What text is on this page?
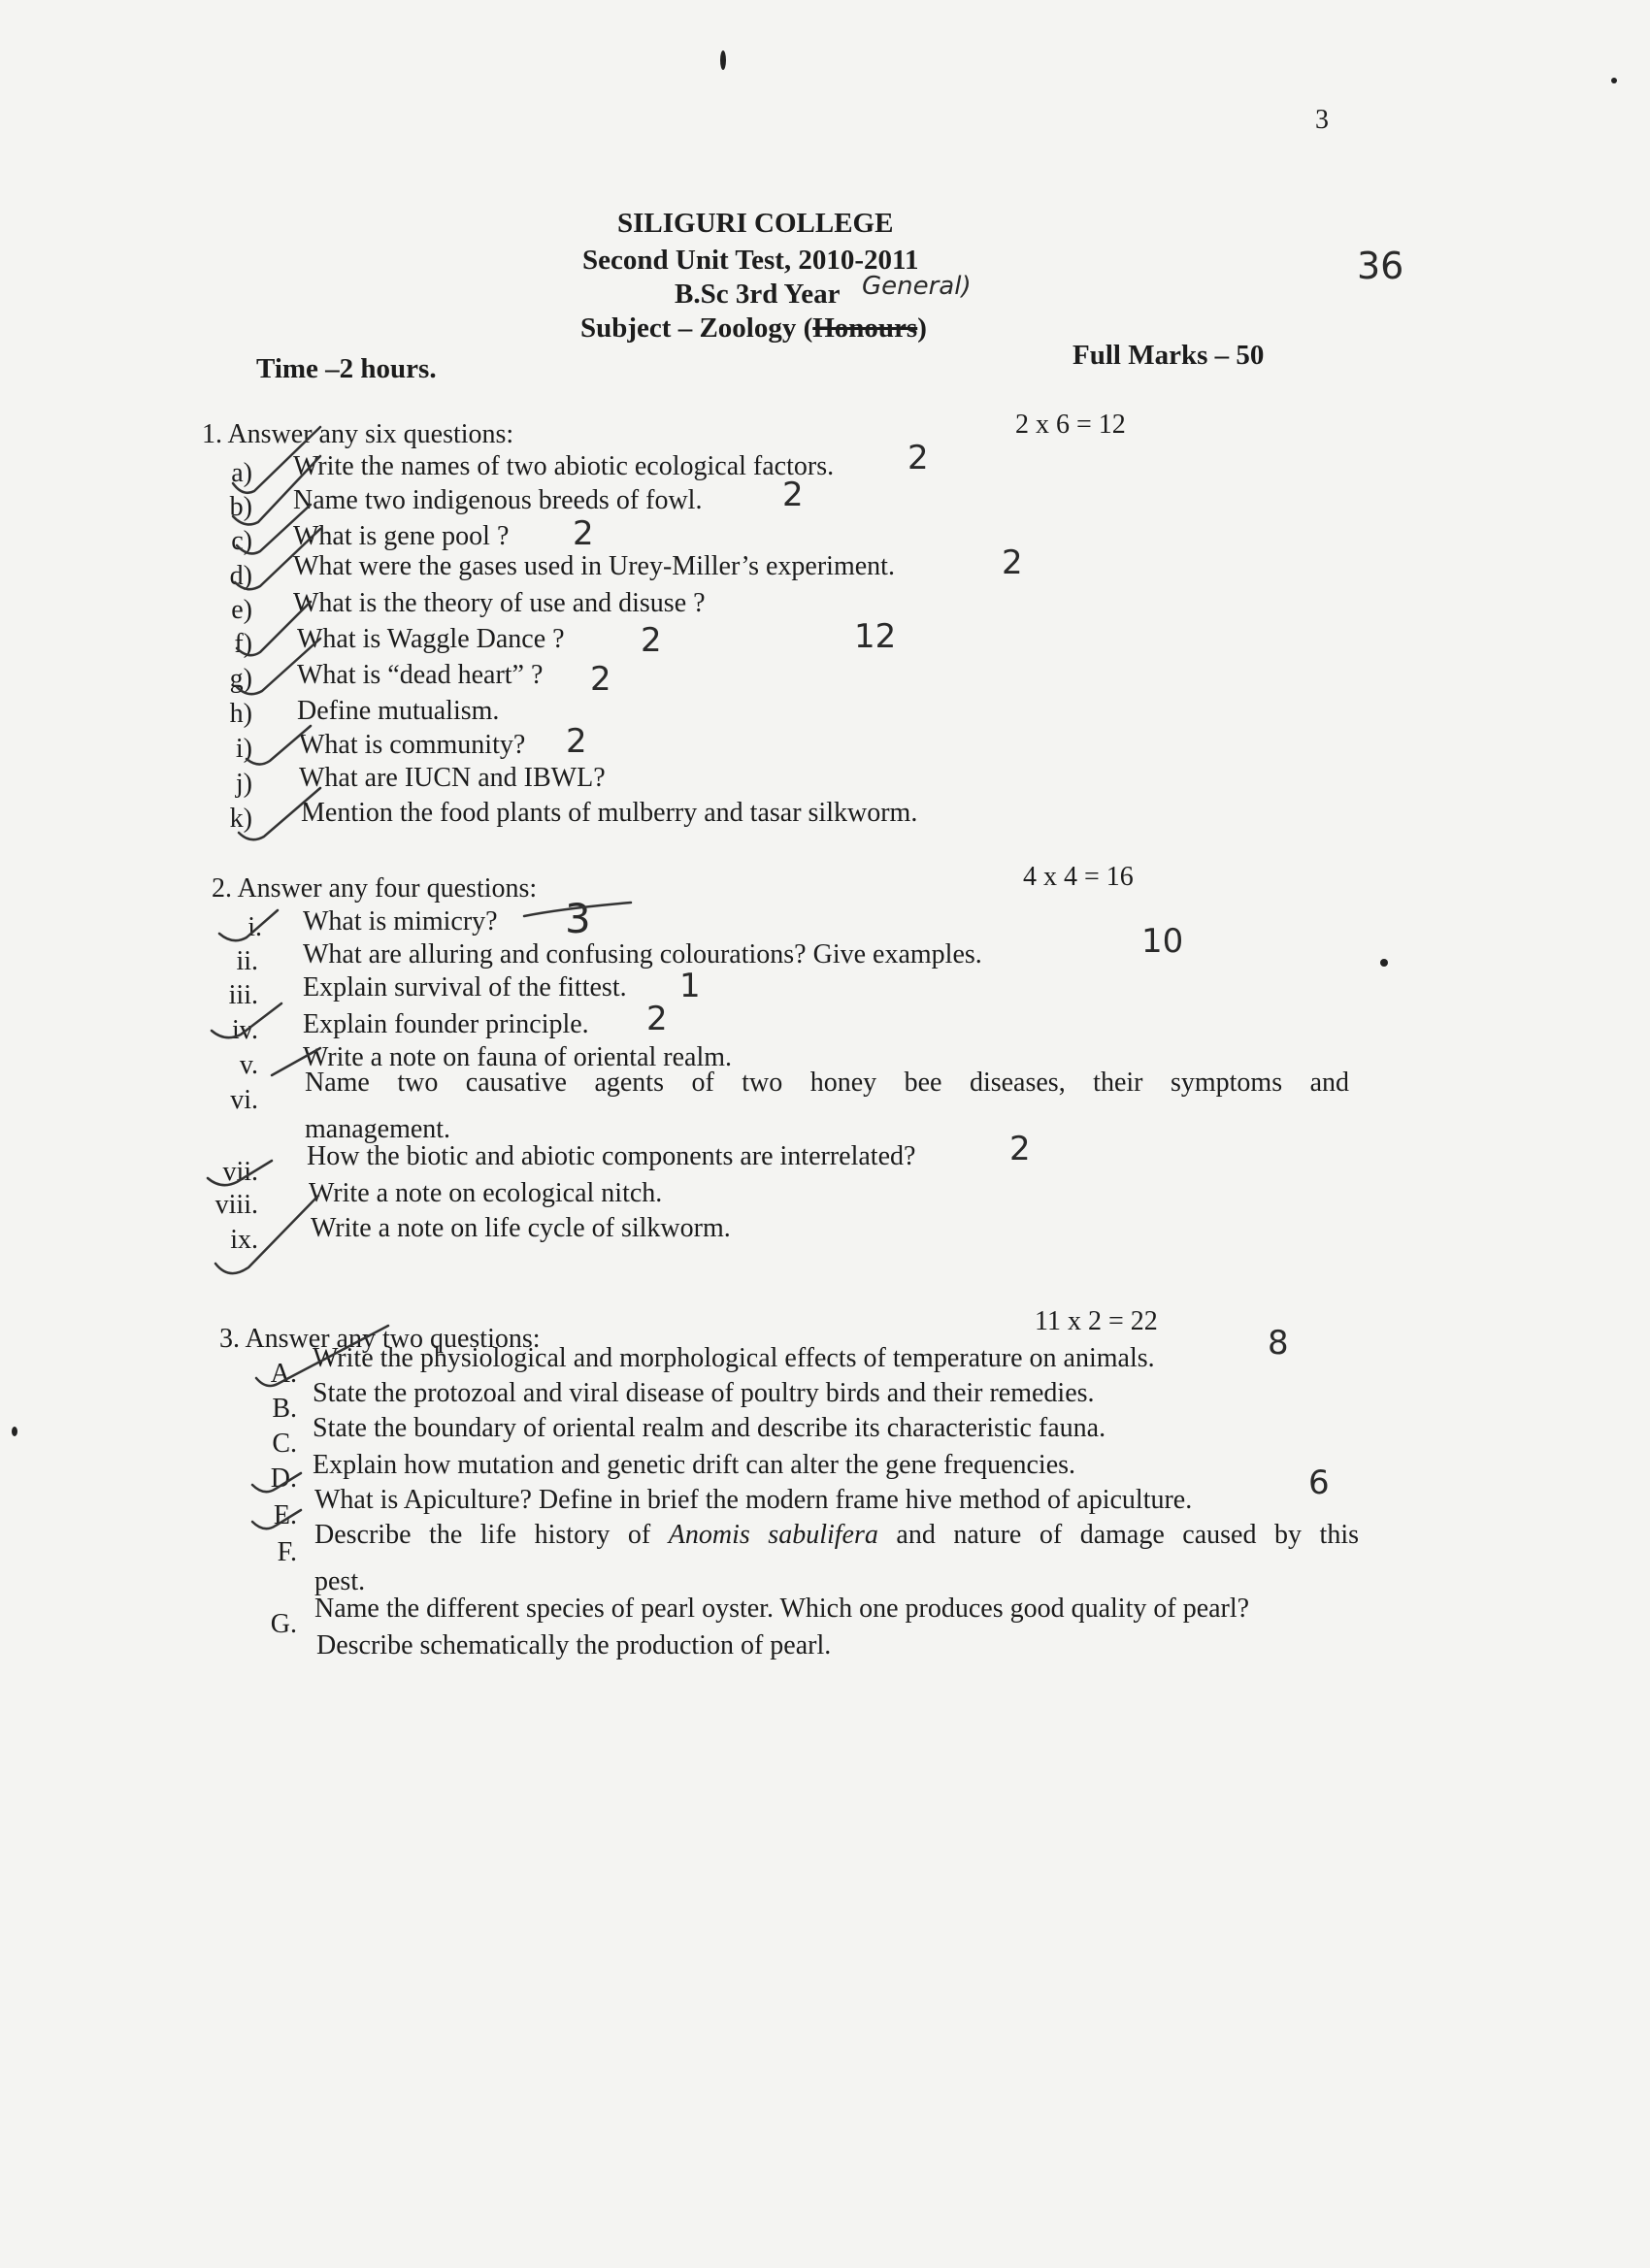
3
36
SILIGURI COLLEGE
Second Unit Test, 2010-2011
B.Sc 3rd Year General)
Subject – Zoology (Honours)
Time –2 hours.	Full Marks – 50
1. Answer any six questions:	2 x 6 = 12
12
a) Write the names of two abiotic ecological factors. 2
b) Name two indigenous breeds of fowl. 2
c) What is gene pool ? 2
d) What were the gases used in Urey-Miller’s experiment.	2
e) What is the theory of use and disuse ?
f) What is Waggle Dance ? 2
g) What is “dead heart” ? 2
h) Define mutualism.
i) What is community? 2
j) What are IUCN and IBWL?
k) Mention the food plants of mulberry and tasar silkworm.
2. Answer any four questions:	4 x 4 = 16
10
i. What is mimicry? 3
ii. What are alluring and confusing colourations? Give examples.
iii. Explain survival of the fittest. 1
iv. Explain founder principle. 2
v. Write a note on fauna of oriental realm.
vi.
Name two causative agents of two honey bee diseases, their symptoms and
management.
vii.
How the biotic and abiotic components are interrelated?	2
viii. Write a note on ecological nitch.
ix. Write a note on life cycle of silkworm.
3. Answer any two questions:
11 x 2 = 22
A.
Write the physiological and morphological effects of temperature on animals.	8
B.
State the protozoal and viral disease of poultry birds and their remedies.
C.
State the boundary of oriental realm and describe its characteristic fauna.
D. Explain how mutation and genetic drift can alter the gene frequencies.
E.
What is Apiculture? Define in brief the modern frame hive method of apiculture.	6
F.
Describe the life history of Anomis sabulifera and nature of damage caused by this
pest.
G.
Name the different species of pearl oyster. Which one produces good quality of pearl?
Describe schematically the production of pearl.
